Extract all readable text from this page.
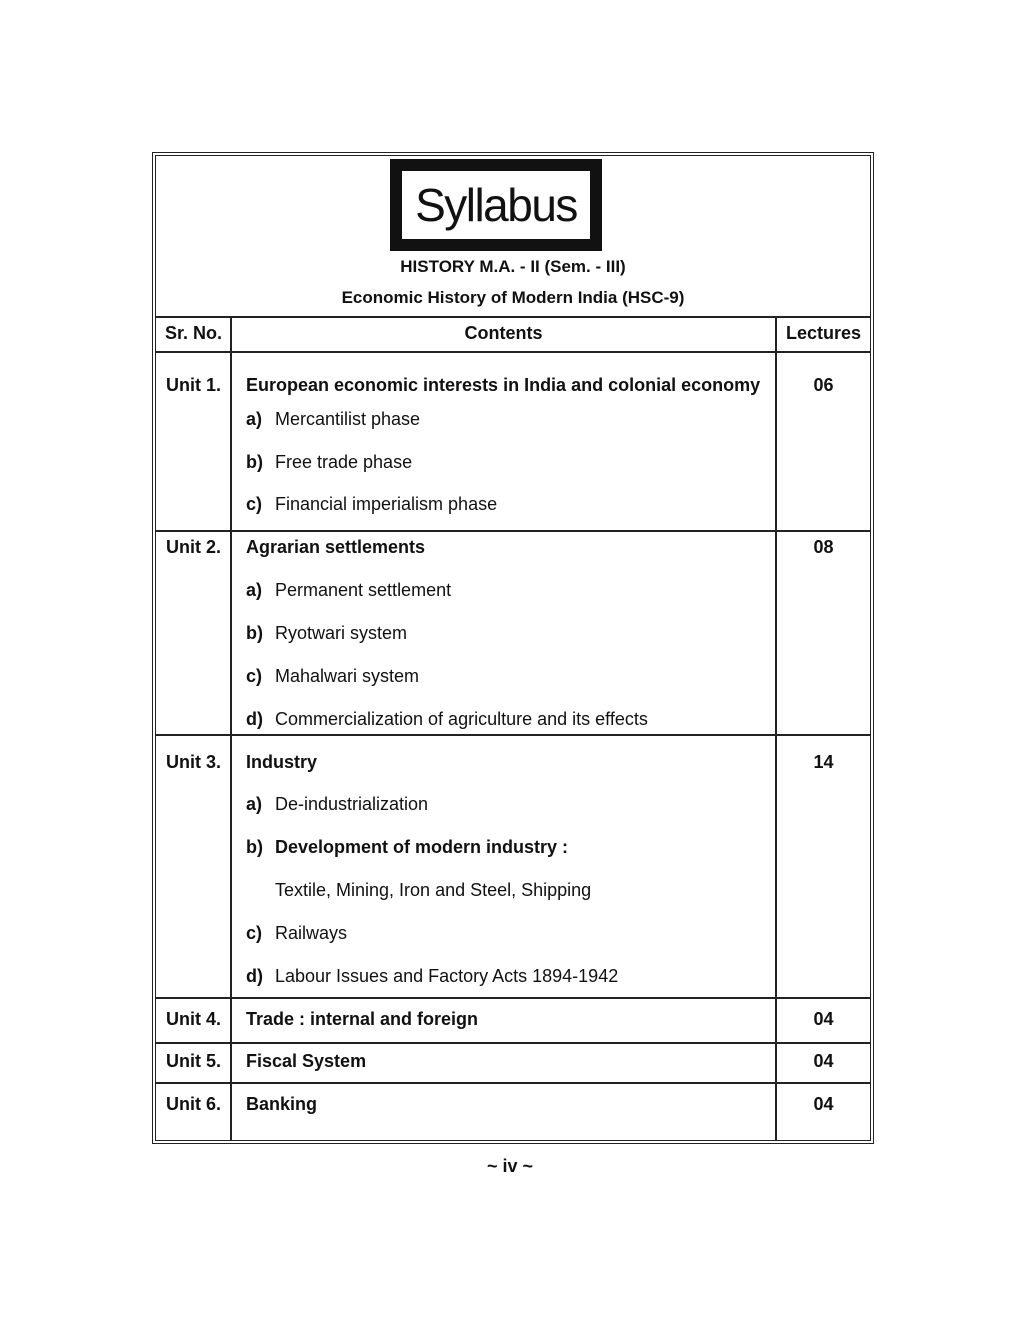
Syllabus
HISTORY M.A. - II (Sem. - III)
Economic History of Modern India (HSC-9)
Sr. No.	Contents	Lectures
Unit 1. European economic interests in India and colonial economy	06
a) Mercantilist phase
b) Free trade phase
c) Financial imperialism phase
Unit 2. Agrarian settlements	08
a) Permanent settlement
b) Ryotwari system
c) Mahalwari system
d) Commercialization of agriculture and its effects
Unit 3. Industry	14
a) De-industrialization
b) Development of modern industry :
Textile, Mining, Iron and Steel, Shipping
c) Railways
d) Labour Issues and Factory Acts 1894-1942
Unit 4. Trade : internal and foreign	04
Unit 5. Fiscal System	04
Unit 6. Banking	04
~ iv ~
